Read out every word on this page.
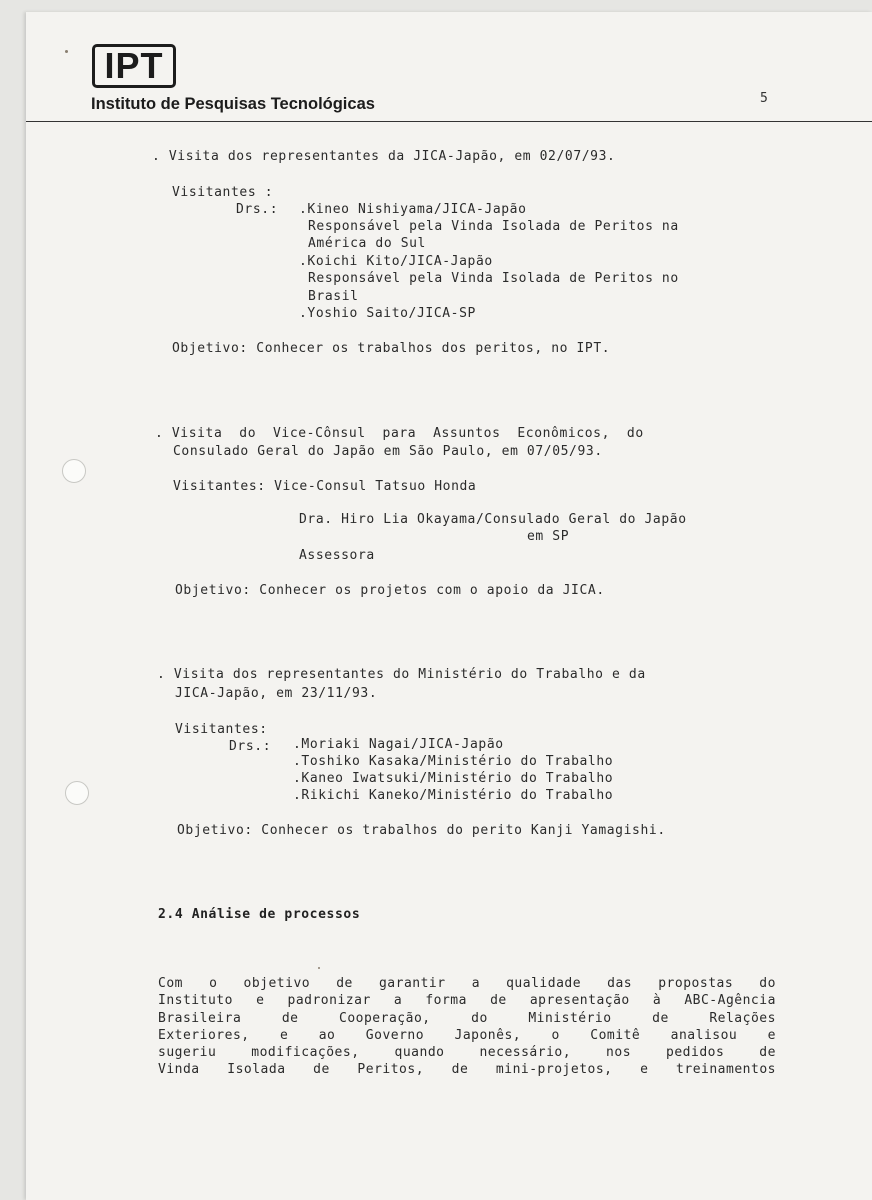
IPT
Instituto de Pesquisas Tecnológicas	5

. Visita dos representantes da JICA-Japão, em 02/07/93.

Visitantes :

Drs.: .Kineo Nishiyama/JICA-Japão

Responsável pela Vinda Isolada de Peritos na

América do Sul

.Koichi Kito/JICA-Japão

Responsável pela Vinda Isolada de Peritos no

Brasil

.Yoshio Saito/JICA-SP

Objetivo: Conhecer os trabalhos dos peritos, no IPT.

. Visita  do  Vice-Cônsul  para  Assuntos  Econômicos,  do

Consulado Geral do Japão em São Paulo, em 07/05/93.

Visitantes: Vice-Consul Tatsuo Honda

Dra. Hiro Lia Okayama/Consulado Geral do Japão

em SP

Assessora

Objetivo: Conhecer os projetos com o apoio da JICA.

. Visita dos representantes do Ministério do Trabalho e da

JICA-Japão, em 23/11/93.

Visitantes:

Drs.: .Moriaki Nagai/JICA-Japão

.Toshiko Kasaka/Ministério do Trabalho

.Kaneo Iwatsuki/Ministério do Trabalho

.Rikichi Kaneko/Ministério do Trabalho

Objetivo: Conhecer os trabalhos do perito Kanji Yamagishi.

2.4 Análise de processos
Com o objetivo de garantir a qualidade das propostas do
Instituto e padronizar a forma de apresentação à ABC-Agência
Brasileira	de	Cooperação,	do	Ministério	de	Relações
Exteriores, e ao Governo Japonês, o Comitê analisou e
sugeriu	modificações,	quando	necessário,	nos	pedidos	de
Vinda Isolada de Peritos, de mini-projetos, e treinamentos
